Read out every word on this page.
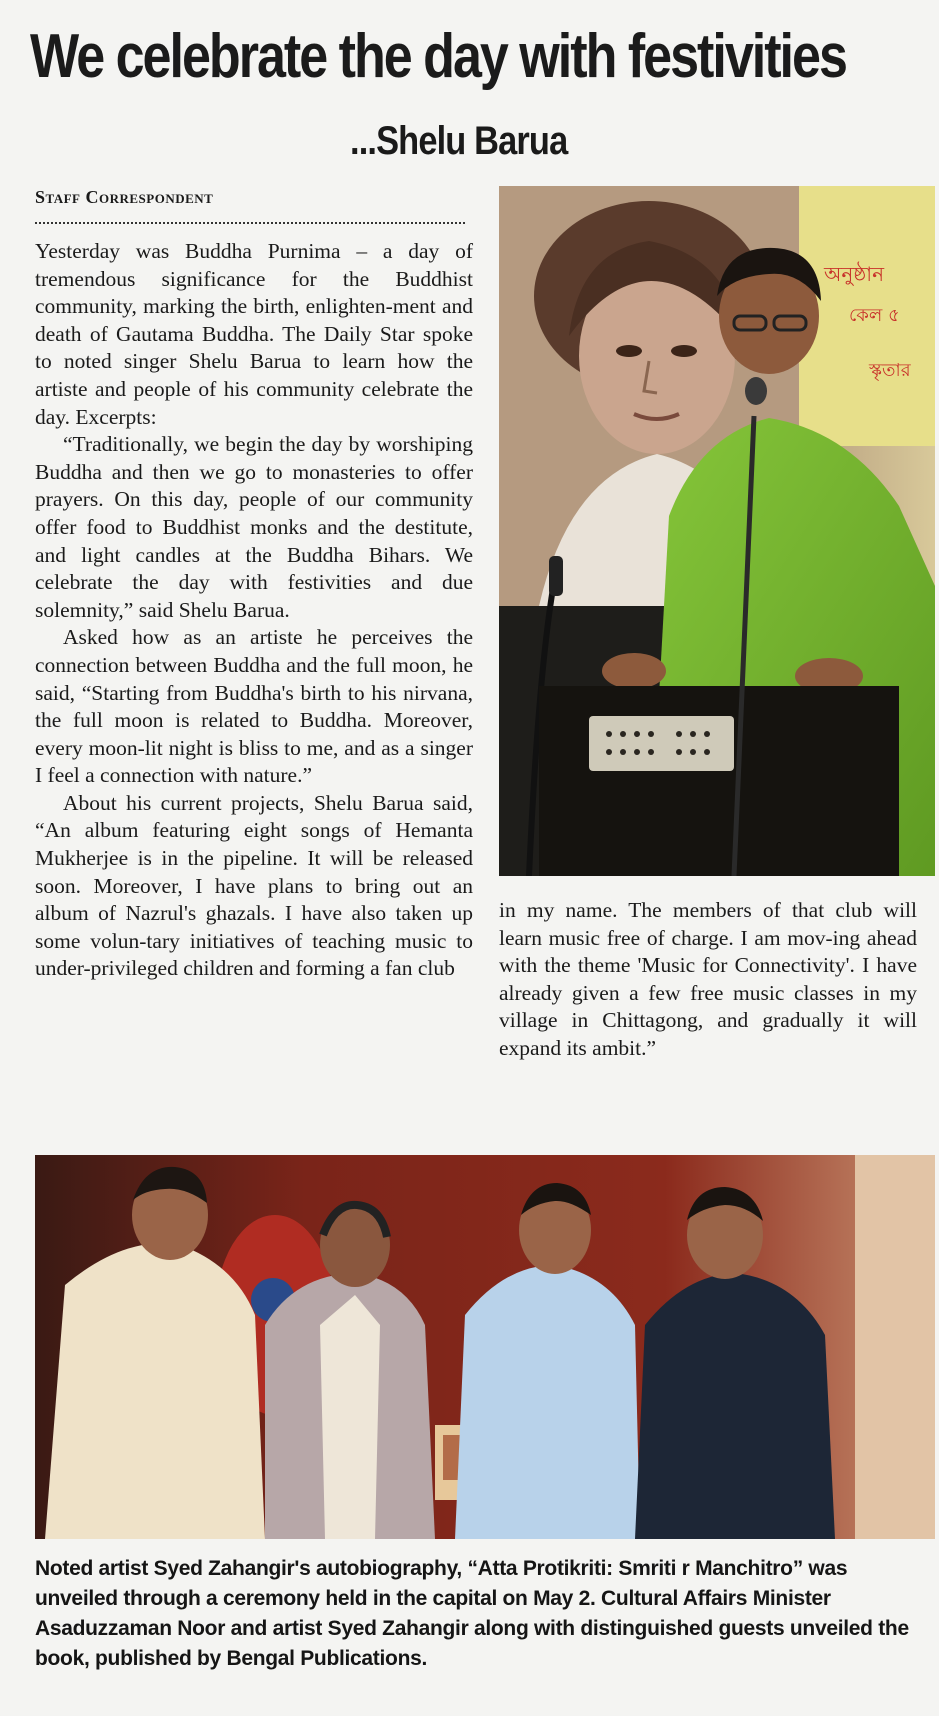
We celebrate the day with festivities
...Shelu Barua
Staff Correspondent

Yesterday was Buddha Purnima – a day of tremendous significance for the Buddhist community, marking the birth, enlighten-ment and death of Gautama Buddha. The Daily Star spoke to noted singer Shelu Barua to learn how the artiste and people of his community celebrate the day. Excerpts:

“Traditionally, we begin the day by worshiping Buddha and then we go to monasteries to offer prayers. On this day, people of our community offer food to Buddhist monks and the destitute, and light candles at the Buddha Bihars. We celebrate the day with festivities and due solemnity,” said Shelu Barua.

Asked how as an artiste he perceives the connection between Buddha and the full moon, he said, “Starting from Buddha's birth to his nirvana, the full moon is related to Buddha. Moreover, every moon-lit night is bliss to me, and as a singer I feel a connection with nature.”

About his current projects, Shelu Barua said, “An album featuring eight songs of Hemanta Mukherjee is in the pipeline. It will be released soon. Moreover, I have plans to bring out an album of Nazrul's ghazals. I have also taken up some volun-tary initiatives of teaching music to under-privileged children and forming a fan club

in my name. The members of that club will learn music free of charge. I am mov-ing ahead with the theme 'Music for Connectivity'. I have already given a few free music classes in my village in Chittagong, and gradually it will expand its ambit.”

অনুষ্ঠান
কেল ৫
স্কৃতার
Noted artist Syed Zahangir's autobiography, “Atta Protikriti: Smriti r Manchitro” was unveiled through a ceremony held in the capital on May 2. Cultural Affairs Minister Asaduzzaman Noor and artist Syed Zahangir along with distinguished guests unveiled the book, published by Bengal Publications.
